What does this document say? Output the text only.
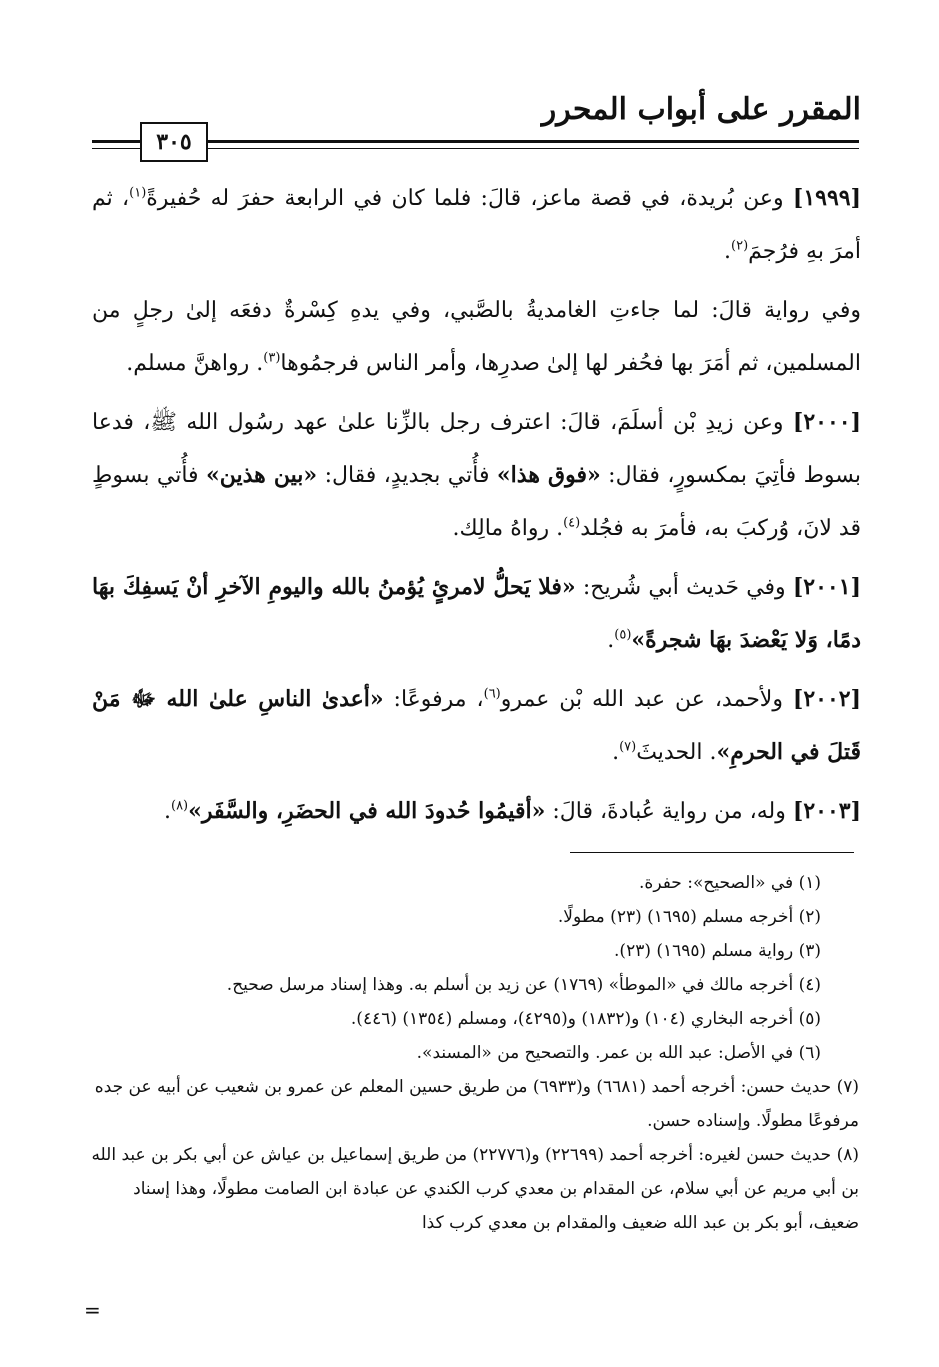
المقرر على أبواب المحرر
٣٠٥

[١٩٩٩] وعن بُريدة، في قصة ماعز، قالَ: فلما كان في الرابعة حفرَ له حُفيرةً$^{(١)}$، ثم أمرَ بهِ فرُجمَ$^{(٢)}$.

وفي رواية قالَ: لما جاءتِ الغامديةُ بالصَّبي، وفي يدهِ كِسْرةٌ دفعَه إلىٰ رجلٍ من المسلمين، ثم أمَرَ بها فحُفر لها إلىٰ صدرِها، وأمر الناس فرجمُوها$^{(٣)}$. رواهنَّ مسلم.

[٢٠٠٠] وعن زيدِ بْن أسلَمَ، قالَ: اعترف رجل بالزِّنا علىٰ عهد رسُول الله ﷺ، فدعا بسوط فأتِيَ بمكسورٍ، فقال: «فوق هذا» فأُتي بجديدٍ، فقال: «بين هذين» فأُتي بسوطٍ قد لانَ، وُركبَ به، فأمرَ به فجُلد$^{(٤)}$. رواهُ مالِك.

[٢٠٠١] وفي حَديث أبي شُريح: «فلا يَحلُّ لامرئٍ يُؤمنُ بالله واليومِ الآخرِ أنْ يَسفِكَ بهَا دمًا، وَلا يَعْضدَ بهَا شجرةً»$^{(٥)}$.

[٢٠٠٢] ولأحمد، عن عبد الله بْن عمرو$^{(٦)}$، مرفوعًا: «أعدىٰ الناسِ علىٰ الله ﷻ مَنْ قَتلَ في الحرمِ». الحديثَ$^{(٧)}$.

[٢٠٠٣] وله، من رواية عُبادةَ، قالَ: «أقيمُوا حُدودَ الله في الحضَرِ، والسَّفَر»$^{(٨)}$.

(١) في «الصحيح»: حفرة.

(٢) أخرجه مسلم (١٦٩٥) (٢٣) مطولًا.

(٣) رواية مسلم (١٦٩٥) (٢٣).

(٤) أخرجه مالك في «الموطأ» (١٧٦٩) عن زيد بن أسلم به. وهذا إسناد مرسل صحيح.

(٥) أخرجه البخاري (١٠٤) و(١٨٣٢) و(٤٢٩٥)، ومسلم (١٣٥٤) (٤٤٦).

(٦) في الأصل: عبد الله بن عمر. والتصحيح من «المسند».

(٧) حديث حسن: أخرجه أحمد (٦٦٨١) و(٦٩٣٣) من طريق حسين المعلم عن عمرو بن شعيب عن أبيه عن جده مرفوعًا مطولًا. وإسناده حسن.

(٨) حديث حسن لغيره: أخرجه أحمد (٢٢٦٩٩) و(٢٢٧٧٦) من طريق إسماعيل بن عياش عن أبي بكر بن عبد الله بن أبي مريم عن أبي سلام، عن المقدام بن معدي كرب الكندي عن عبادة ابن الصامت مطولًا، وهذا إسناد ضعيف، أبو بكر بن عبد الله ضعيف والمقدام بن معدي كرب كذا

=
